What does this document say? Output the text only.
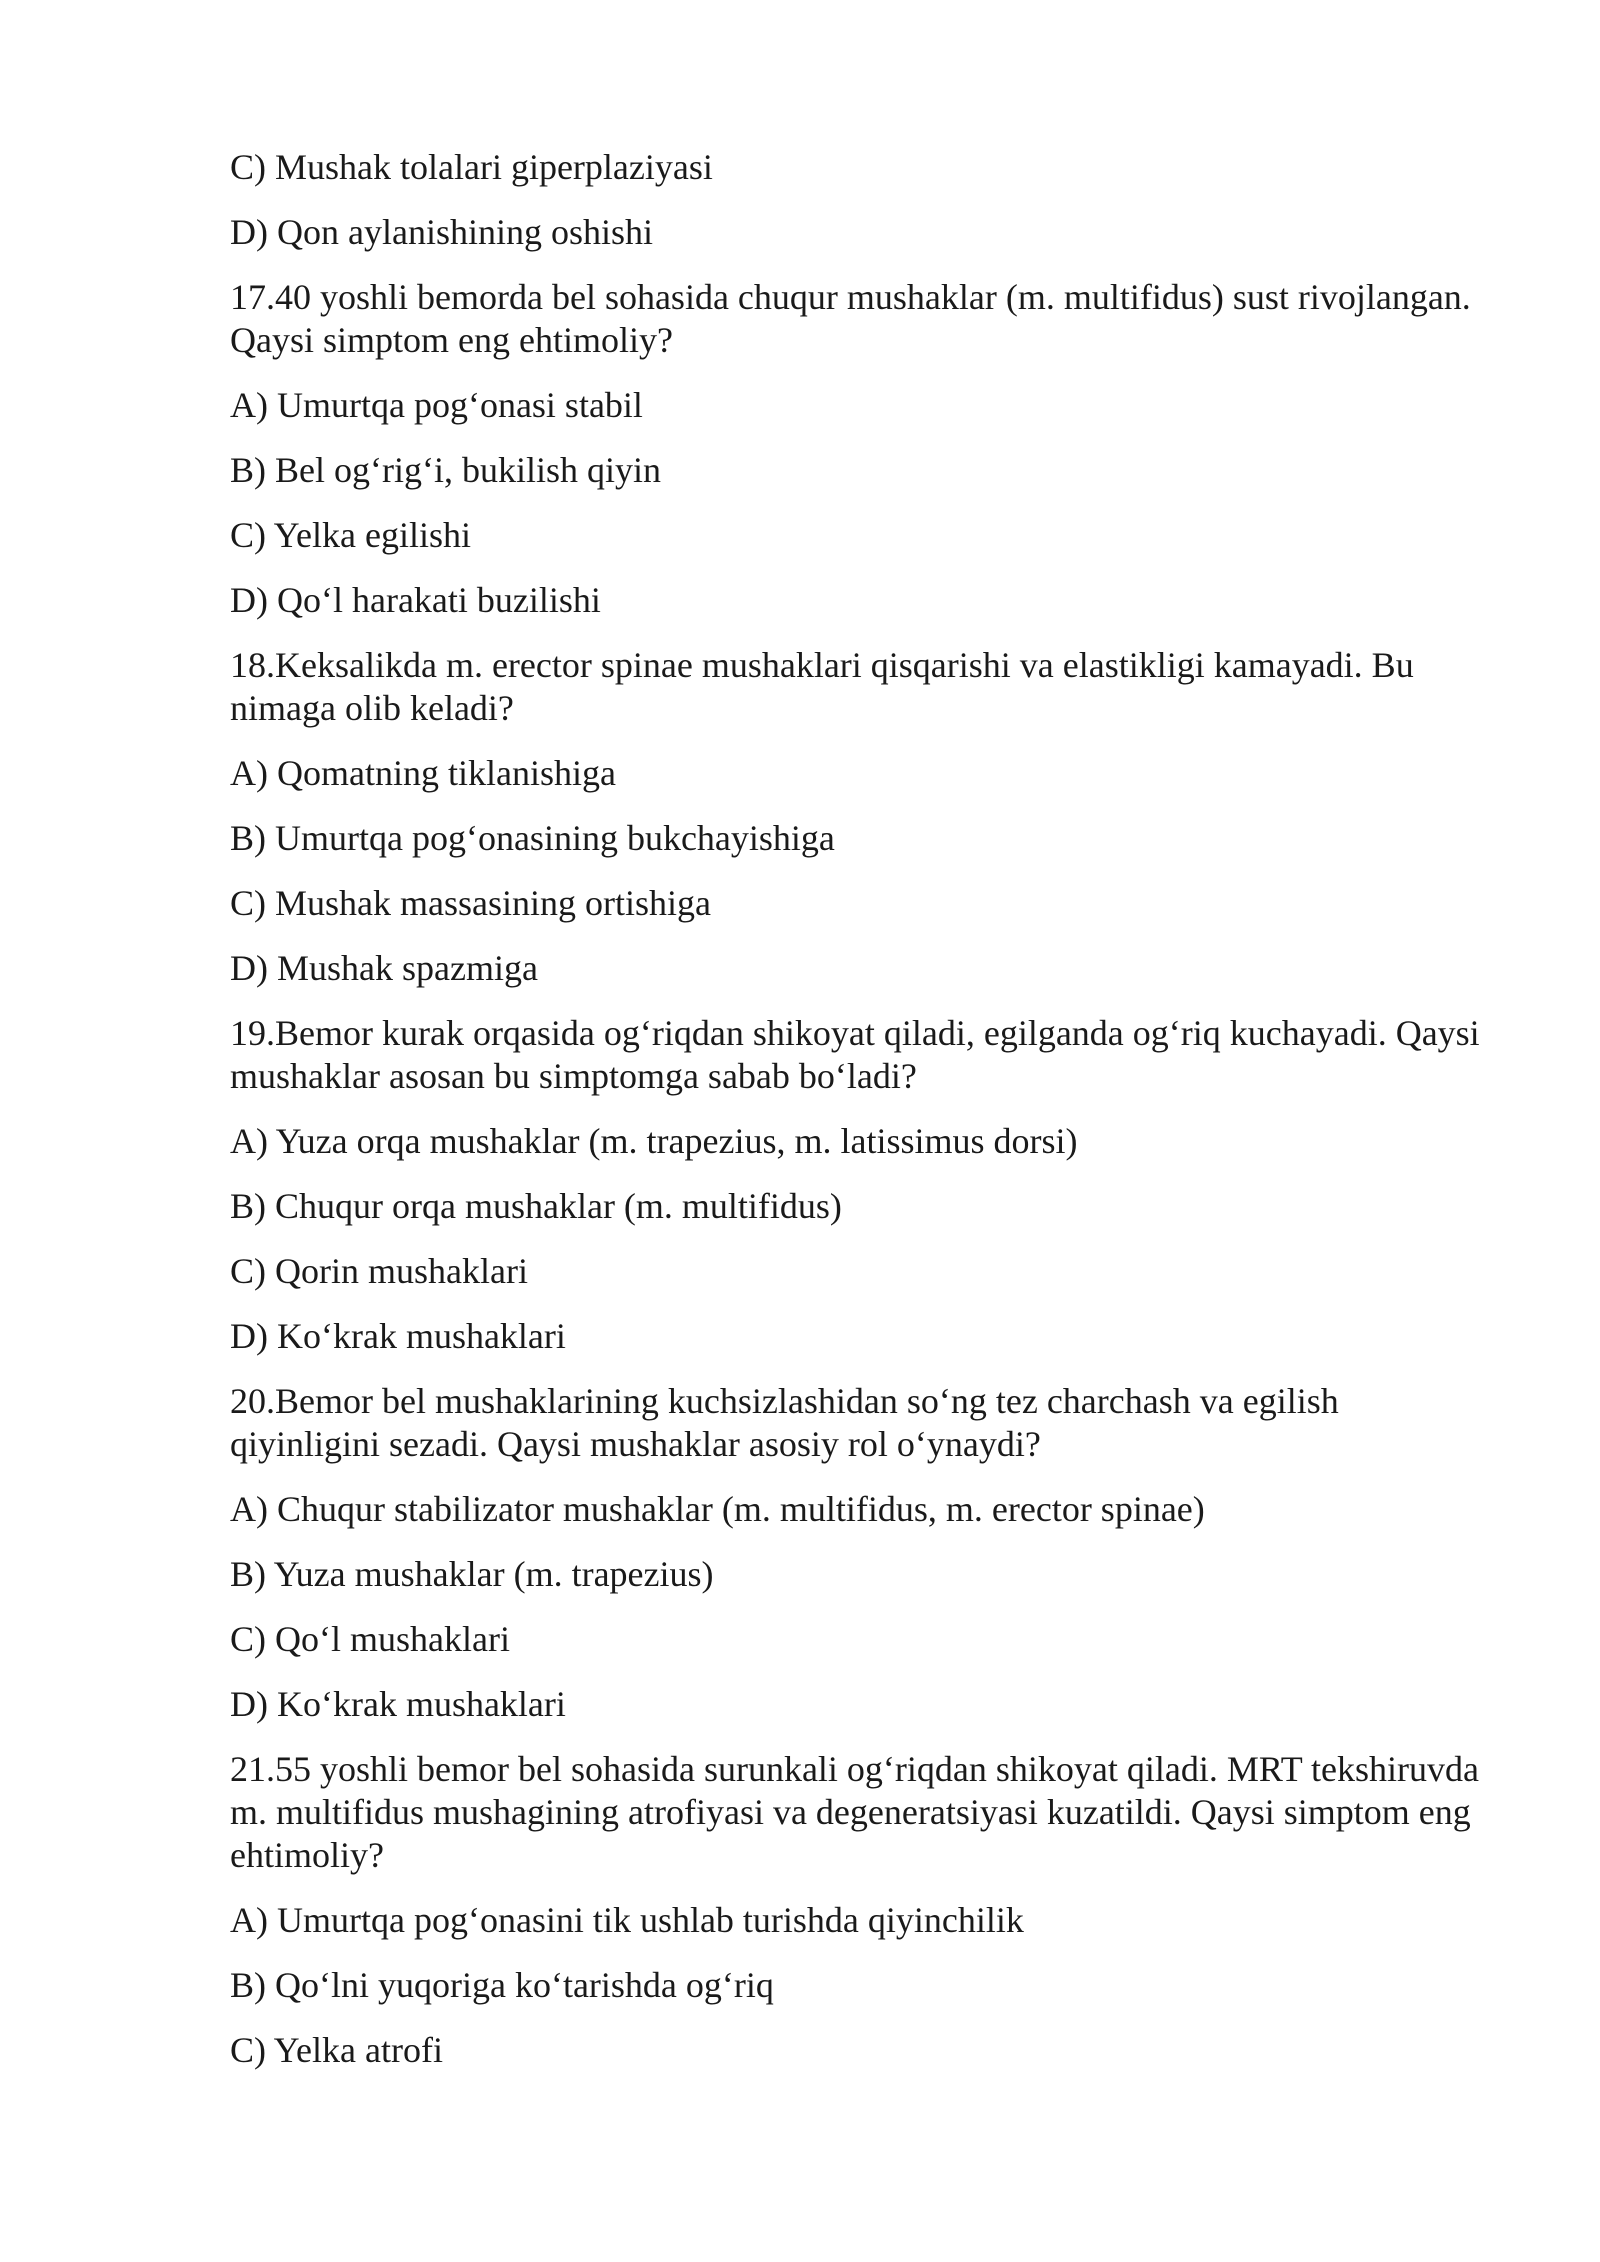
C) Mushak tolalari giperplaziyasi

D) Qon aylanishining oshishi

17.40 yoshli bemorda bel sohasida chuqur mushaklar (m. multifidus) sust rivojlangan. Qaysi simptom eng ehtimoliy?

A) Umurtqa pog‘onasi stabil

B) Bel og‘rig‘i, bukilish qiyin

C) Yelka egilishi

D) Qo‘l harakati buzilishi

18.Keksalikda m. erector spinae mushaklari qisqarishi va elastikligi kamayadi. Bu nimaga olib keladi?

A) Qomatning tiklanishiga

B) Umurtqa pog‘onasining bukchayishiga

C) Mushak massasining ortishiga

D) Mushak spazmiga

19.Bemor kurak orqasida og‘riqdan shikoyat qiladi, egilganda og‘riq kuchayadi. Qaysi mushaklar asosan bu simptomga sabab bo‘ladi?

A) Yuza orqa mushaklar (m. trapezius, m. latissimus dorsi)

B) Chuqur orqa mushaklar (m. multifidus)

C) Qorin mushaklari

D) Ko‘krak mushaklari

20.Bemor bel mushaklarining kuchsizlashidan so‘ng tez charchash va egilish qiyinligini sezadi. Qaysi mushaklar asosiy rol o‘ynaydi?

A) Chuqur stabilizator mushaklar (m. multifidus, m. erector spinae)

B) Yuza mushaklar (m. trapezius)

C) Qo‘l mushaklari

D) Ko‘krak mushaklari

21.55 yoshli bemor bel sohasida surunkali og‘riqdan shikoyat qiladi. MRT tekshiruvda m. multifidus mushagining atrofiyasi va degeneratsiyasi kuzatildi. Qaysi simptom eng ehtimoliy?

A) Umurtqa pog‘onasini tik ushlab turishda qiyinchilik

B) Qo‘lni yuqoriga ko‘tarishda og‘riq

C) Yelka atrofi
